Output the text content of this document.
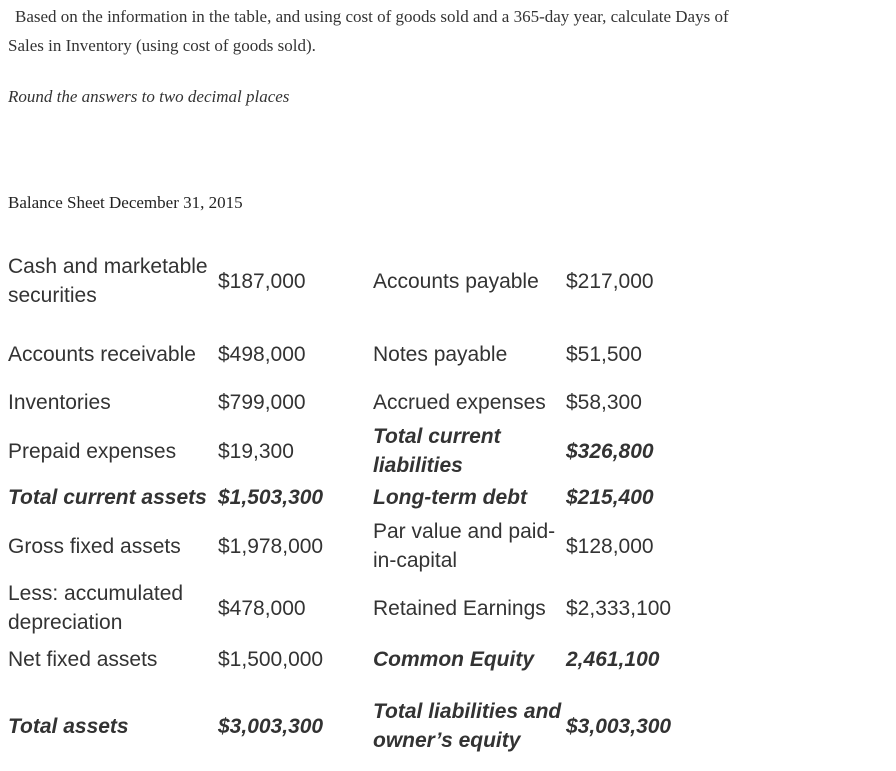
Based on the information in the table, and using cost of goods sold and a 365-day year, calculate Days of
Sales in Inventory (using cost of goods sold).
Round the answers to two decimal places
Balance Sheet December 31, 2015
Cash and marketable securities	$187,000	Accounts payable	$217,000
Accounts receivable	$498,000	Notes payable	$51,500
Inventories	$799,000	Accrued expenses	$58,300
Prepaid expenses	$19,300	Total current liabilities	$326,800
Total current assets	$1,503,300	Long-term debt	$215,400
Gross fixed assets	$1,978,000	Par value and paid-in-capital	$128,000
Less: accumulated depreciation	$478,000	Retained Earnings	$2,333,100
Net fixed assets	$1,500,000	Common Equity	2,461,100
Total assets	$3,003,300	Total liabilities and owner’s equity	$3,003,300
